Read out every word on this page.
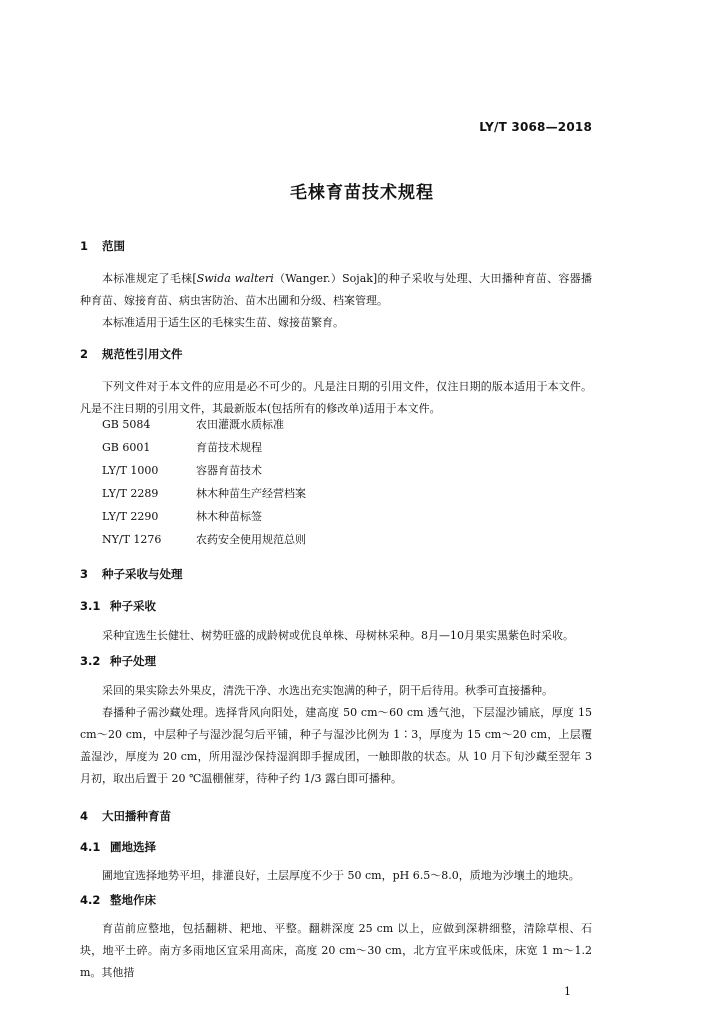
LY/T 3068—2018
毛梾育苗技术规程
1 范围

本标准规定了毛梾[Swida walteri（Wanger.）Sojak]的种子采收与处理、大田播种育苗、容器播种育苗、嫁接育苗、病虫害防治、苗木出圃和分级、档案管理。

本标准适用于适生区的毛梾实生苗、嫁接苗繁育。

2 规范性引用文件

下列文件对于本文件的应用是必不可少的。凡是注日期的引用文件，仅注日期的版本适用于本文件。凡是不注日期的引用文件，其最新版本(包括所有的修改单)适用于本文件。

GB 5084	农田灌溉水质标准
GB 6001	育苗技术规程
LY/T 1000	容器育苗技术
LY/T 2289	林木种苗生产经营档案
LY/T 2290	林木种苗标签
NY/T 1276	农药安全使用规范总则
3 种子采收与处理
3.1 种子采收

采种宜选生长健壮、树势旺盛的成龄树或优良单株、母树林采种。8月—10月果实黑紫色时采收。

3.2 种子处理

采回的果实除去外果皮，清洗干净、水选出充实饱满的种子，阴干后待用。秋季可直接播种。

春播种子需沙藏处理。选择背风向阳处，建高度 50 cm～60 cm 透气池，下层湿沙铺底，厚度 15 cm～20 cm，中层种子与湿沙混匀后平铺，种子与湿沙比例为 1∶3，厚度为 15 cm～20 cm，上层覆盖湿沙，厚度为 20 cm，所用湿沙保持湿润即手握成团，一触即散的状态。从 10 月下旬沙藏至翌年 3 月初，取出后置于 20 ℃温棚催芽，待种子约 1/3 露白即可播种。

4 大田播种育苗
4.1 圃地选择

圃地宜选择地势平坦，排灌良好，土层厚度不少于 50 cm，pH 6.5～8.0，质地为沙壤土的地块。

4.2 整地作床

育苗前应整地，包括翻耕、耙地、平整。翻耕深度 25 cm 以上，应做到深耕细整，清除草根、石块，地平土碎。南方多雨地区宜采用高床，高度 20 cm～30 cm，北方宜平床或低床，床宽 1 m～1.2 m。其他措

1
